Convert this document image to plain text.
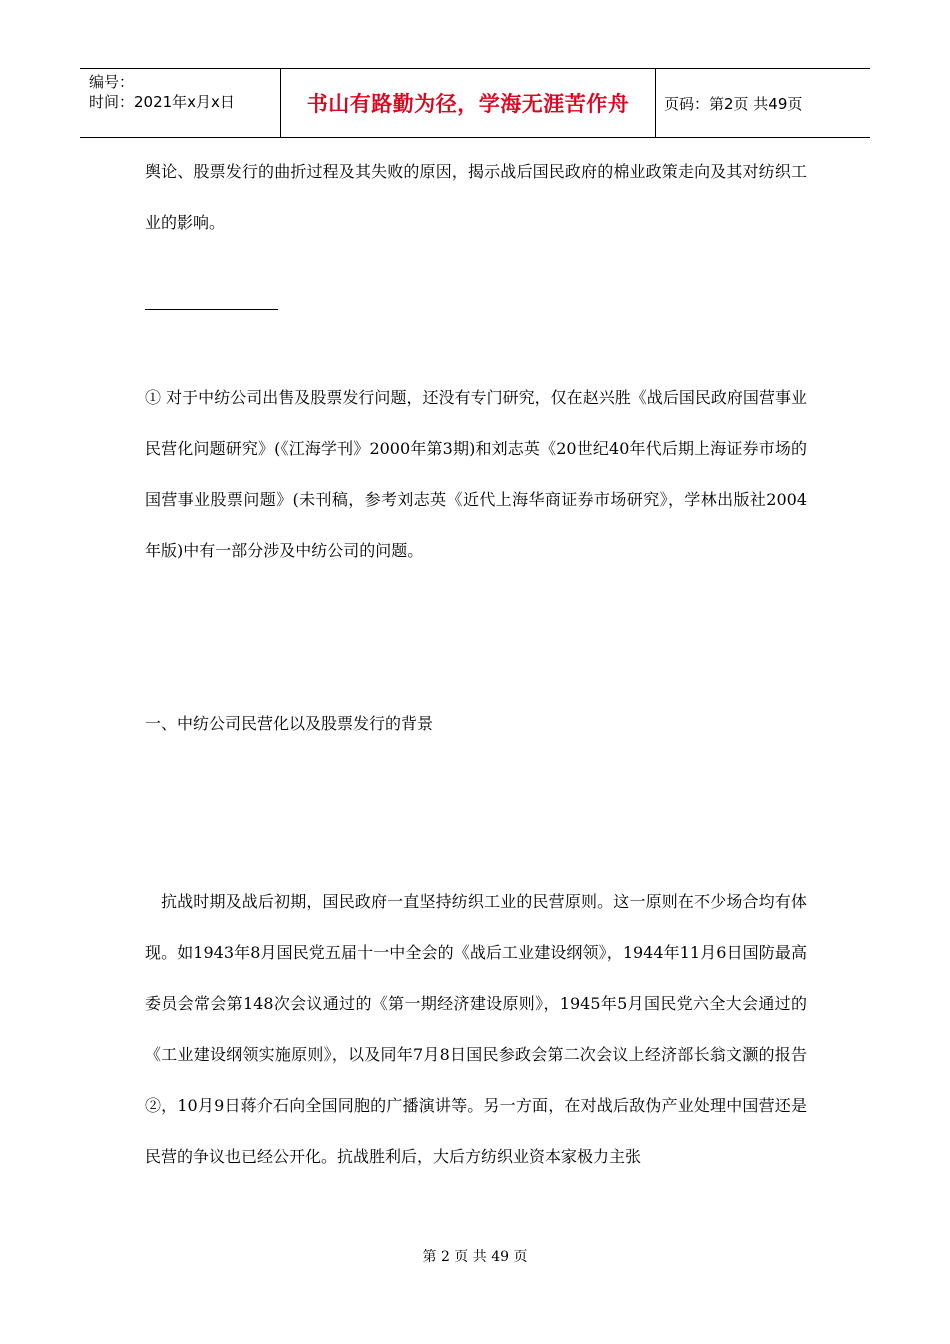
编号：
时间：2021年x月x日	书山有路勤为径，学海无涯苦作舟 页码：第2页 共49页
舆论、股票发行的曲折过程及其失败的原因，揭示战后国民政府的棉业政策走向及其对纺织工业的影响。
① 对于中纺公司出售及股票发行问题，还没有专门研究，仅在赵兴胜《战后国民政府国营事业民营化问题研究》(《江海学刊》2000年第3期)和刘志英《20世纪40年代后期上海证券市场的国营事业股票问题》(未刊稿，参考刘志英《近代上海华商证券市场研究》，学林出版社2004年版)中有一部分涉及中纺公司的问题。
一、中纺公司民营化以及股票发行的背景
抗战时期及战后初期，国民政府一直坚持纺织工业的民营原则。这一原则在不少场合均有体现。如1943年8月国民党五届十一中全会的《战后工业建设纲领》，1944年11月6日国防最高委员会常会第148次会议通过的《第一期经济建设原则》，1945年5月国民党六全大会通过的《工业建设纲领实施原则》，以及同年7月8日国民参政会第二次会议上经济部长翁文灏的报告②，10月9日蒋介石向全国同胞的广播演讲等。另一方面，在对战后敌伪产业处理中国营还是民营的争议也已经公开化。抗战胜利后，大后方纺织业资本家极力主张
第 2 页 共 49 页
